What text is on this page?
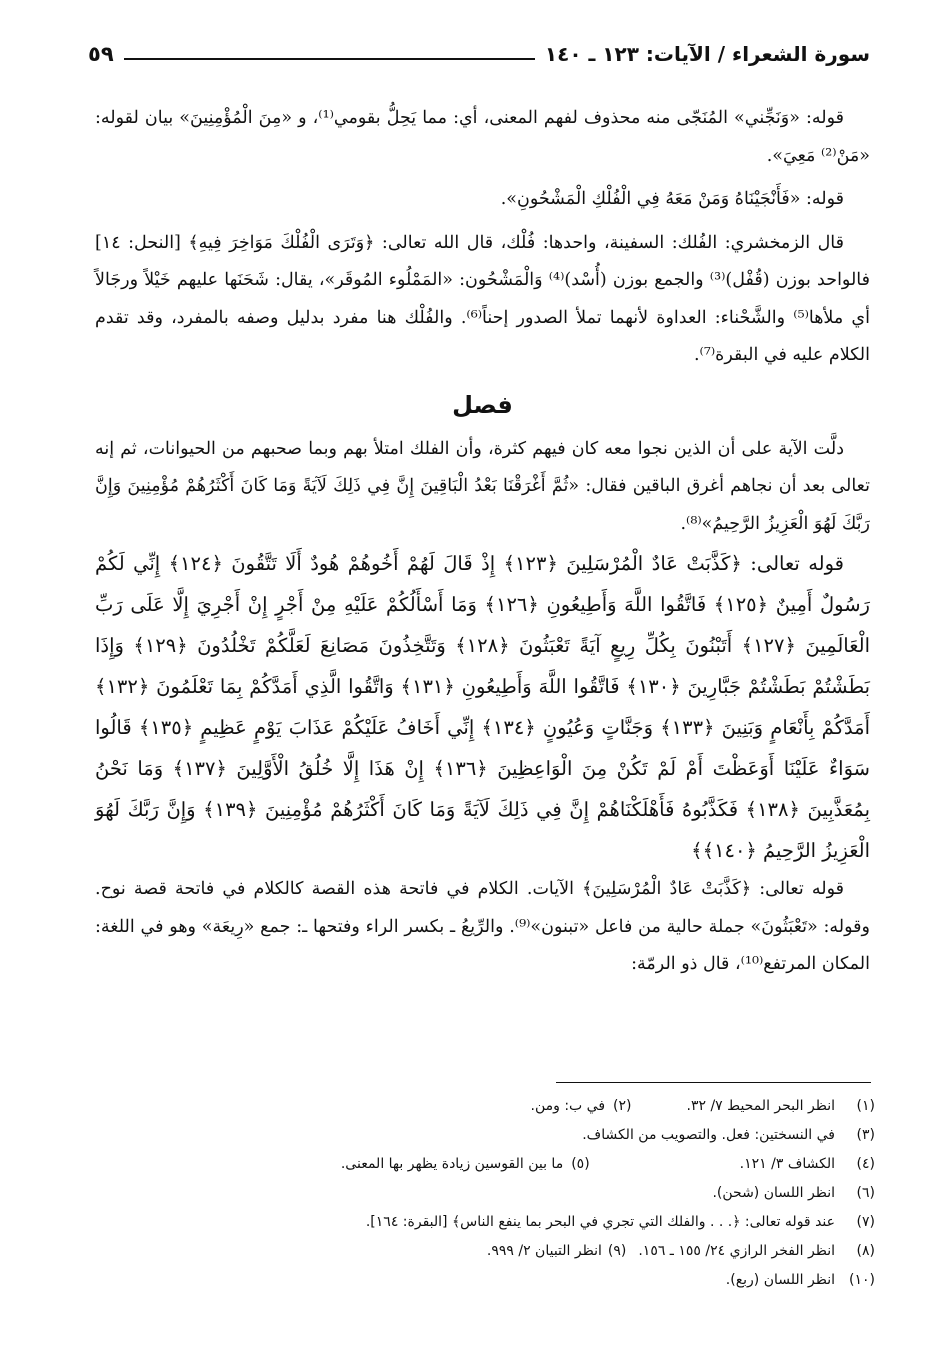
سورة الشعراء / الآيات: ١٢٣ ـ ١٤٠
٥٩

قوله: «وَنَجِّني» المُنَجّى منه محذوف لفهم المعنى، أي: مما يَحِلُّ بقومي⁽¹⁾، و «مِنَ الْمُؤْمِنِينَ» بيان لقوله: «مَنْ⁽²⁾ مَعِيَ».

قوله: «فَأَنْجَيْنَاهُ وَمَنْ مَعَهُ فِي الْفُلْكِ الْمَشْحُونِ».

قال الزمخشري: الفُلك: السفينة، واحدها: فُلْك، قال الله تعالى: ﴿وَتَرَى الْفُلْكَ مَوَاخِرَ فِيهِ﴾ [النحل: ١٤] فالواحد بوزن (قُفْل)⁽³⁾ والجمع بوزن (أُسْد)⁽⁴⁾ وَالْمَشْحُون: «المَمْلُوء المُوقَر»، يقال: شَحَنَها عليهم خَيْلاً ورجَالاً أي ملأها⁽⁵⁾ والشَّحْناء: العداوة لأنهما تملأ الصدور إحناً⁽⁶⁾. والفُلْك هنا مفرد بدليل وصفه بالمفرد، وقد تقدم الكلام عليه في البقرة⁽⁷⁾.

فصل

دلَّت الآية على أن الذين نجوا معه كان فيهم كثرة، وأن الفلك امتلأ بهم وبما صحبهم من الحيوانات، ثم إنه تعالى بعد أن نجاهم أغرق الباقين فقال: «ثُمَّ أَغْرَقْنَا بَعْدُ الْبَاقِينَ إِنَّ فِي ذَلِكَ لَآيَةً وَمَا كَانَ أَكْثَرُهُمْ مُؤْمِنِينَ وَإِنَّ رَبَّكَ لَهُوَ الْعَزِيزُ الرَّحِيمُ»⁽⁸⁾.

قوله تعالى: ﴿كَذَّبَتْ عَادٌ الْمُرْسَلِينَ ﴿١٢٣﴾ إِذْ قَالَ لَهُمْ أَخُوهُمْ هُودٌ أَلَا تَتَّقُونَ ﴿١٢٤﴾ إِنِّي لَكُمْ رَسُولٌ أَمِينٌ ﴿١٢٥﴾ فَاتَّقُوا اللَّهَ وَأَطِيعُونِ ﴿١٢٦﴾ وَمَا أَسْأَلُكُمْ عَلَيْهِ مِنْ أَجْرٍ إِنْ أَجْرِيَ إِلَّا عَلَى رَبِّ الْعَالَمِينَ ﴿١٢٧﴾ أَتَبْنُونَ بِكُلِّ رِيعٍ آيَةً تَعْبَثُونَ ﴿١٢٨﴾ وَتَتَّخِذُونَ مَصَانِعَ لَعَلَّكُمْ تَخْلُدُونَ ﴿١٢٩﴾ وَإِذَا بَطَشْتُمْ بَطَشْتُمْ جَبَّارِينَ ﴿١٣٠﴾ فَاتَّقُوا اللَّهَ وَأَطِيعُونِ ﴿١٣١﴾ وَاتَّقُوا الَّذِي أَمَدَّكُمْ بِمَا تَعْلَمُونَ ﴿١٣٢﴾ أَمَدَّكُمْ بِأَنْعَامٍ وَبَنِينَ ﴿١٣٣﴾ وَجَنَّاتٍ وَعُيُونٍ ﴿١٣٤﴾ إِنِّي أَخَافُ عَلَيْكُمْ عَذَابَ يَوْمٍ عَظِيمٍ ﴿١٣٥﴾ قَالُوا سَوَاءٌ عَلَيْنَا أَوَعَظْتَ أَمْ لَمْ تَكُنْ مِنَ الْوَاعِظِينَ ﴿١٣٦﴾ إِنْ هَذَا إِلَّا خُلُقُ الْأَوَّلِينَ ﴿١٣٧﴾ وَمَا نَحْنُ بِمُعَذَّبِينَ ﴿١٣٨﴾ فَكَذَّبُوهُ فَأَهْلَكْنَاهُمْ إِنَّ فِي ذَلِكَ لَآيَةً وَمَا كَانَ أَكْثَرُهُمْ مُؤْمِنِينَ ﴿١٣٩﴾ وَإِنَّ رَبَّكَ لَهُوَ الْعَزِيزُ الرَّحِيمُ ﴿١٤٠﴾﴾

قوله تعالى: ﴿كَذَّبَتْ عَادٌ الْمُرْسَلِينَ﴾ الآيات. الكلام في فاتحة هذه القصة كالكلام في فاتحة قصة نوح. وقوله: «تَعْبَثُونَ» جملة حالية من فاعل «تبنون»⁽⁹⁾. والرِّيعُ ـ بكسر الراء وفتحها ـ: جمع «رِيعَة» وهو في اللغة: المكان المرتفع⁽¹⁰⁾، قال ذو الرمّة:

(١)
انظر البحر المحيط ٧/ ٣٢.
(٢)
في ب: ومن.
(٣)
في النسختين: فعل. والتصويب من الكشاف.
(٤)
الكشاف ٣/ ١٢١.
(٥)
ما بين القوسين زيادة يظهر بها المعنى.
(٦)
انظر اللسان (شحن).
(٧)
عند قوله تعالى: ﴿. . . والفلك التي تجري في البحر بما ينفع الناس﴾ [البقرة: ١٦٤].
(٨)
انظر الفخر الرازي ٢٤/ ١٥٥ ـ ١٥٦.
(٩)
انظر التبيان ٢/ ٩٩٩.
(١٠)
انظر اللسان (ربع).
